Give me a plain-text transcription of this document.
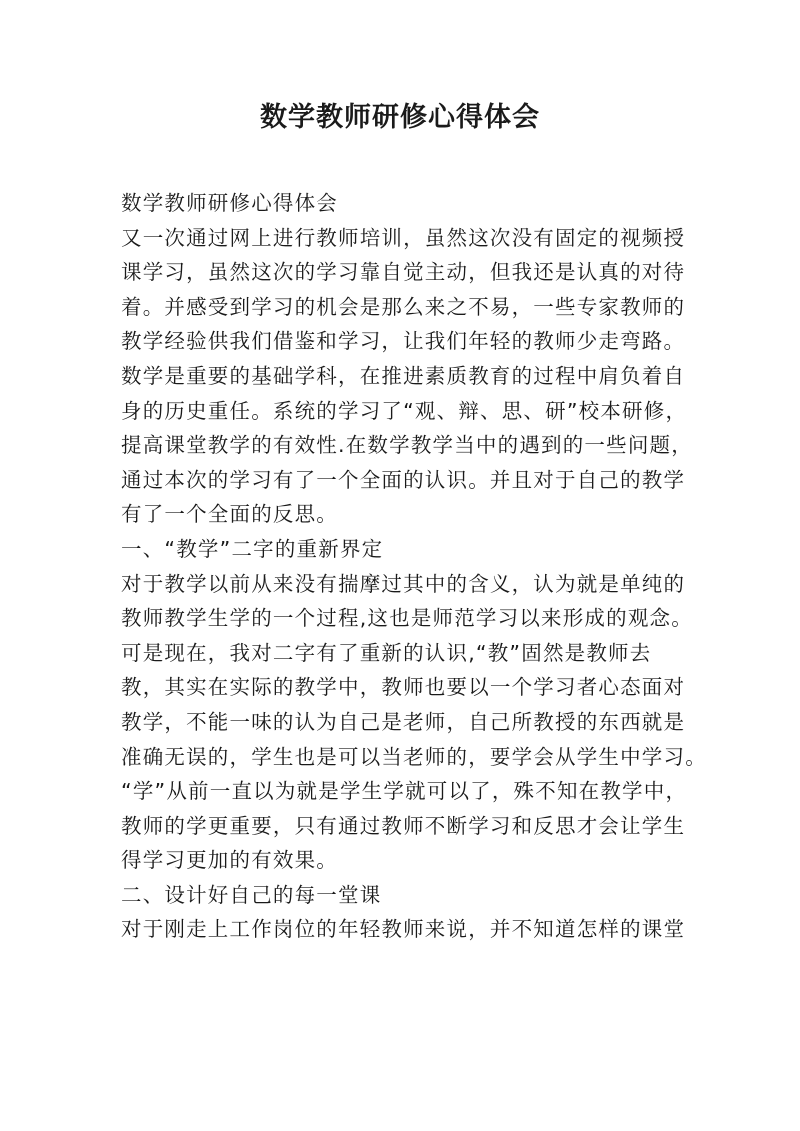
数学教师研修心得体会
数学教师研修心得体会
又一次通过网上进行教师培训，虽然这次没有固定的视频授
课学习，虽然这次的学习靠自觉主动，但我还是认真的对待
着。并感受到学习的机会是那么来之不易，一些专家教师的
教学经验供我们借鉴和学习，让我们年轻的教师少走弯路。
数学是重要的基础学科，在推进素质教育的过程中肩负着自
身的历史重任。系统的学习了“观、辩、思、研”校本研修，
提高课堂教学的有效性.在数学教学当中的遇到的一些问题，
通过本次的学习有了一个全面的认识。并且对于自己的教学
有了一个全面的反思。
一、“教学”二字的重新界定
对于教学以前从来没有揣摩过其中的含义，认为就是单纯的
教师教学生学的一个过程,这也是师范学习以来形成的观念。
可是现在，我对二字有了重新的认识,“教”固然是教师去
教，其实在实际的教学中，教师也要以一个学习者心态面对
教学，不能一味的认为自己是老师，自己所教授的东西就是
准确无误的，学生也是可以当老师的，要学会从学生中学习。
“学”从前一直以为就是学生学就可以了，殊不知在教学中，
教师的学更重要，只有通过教师不断学习和反思才会让学生
得学习更加的有效果。
二、设计好自己的每一堂课
对于刚走上工作岗位的年轻教师来说，并不知道怎样的课堂
